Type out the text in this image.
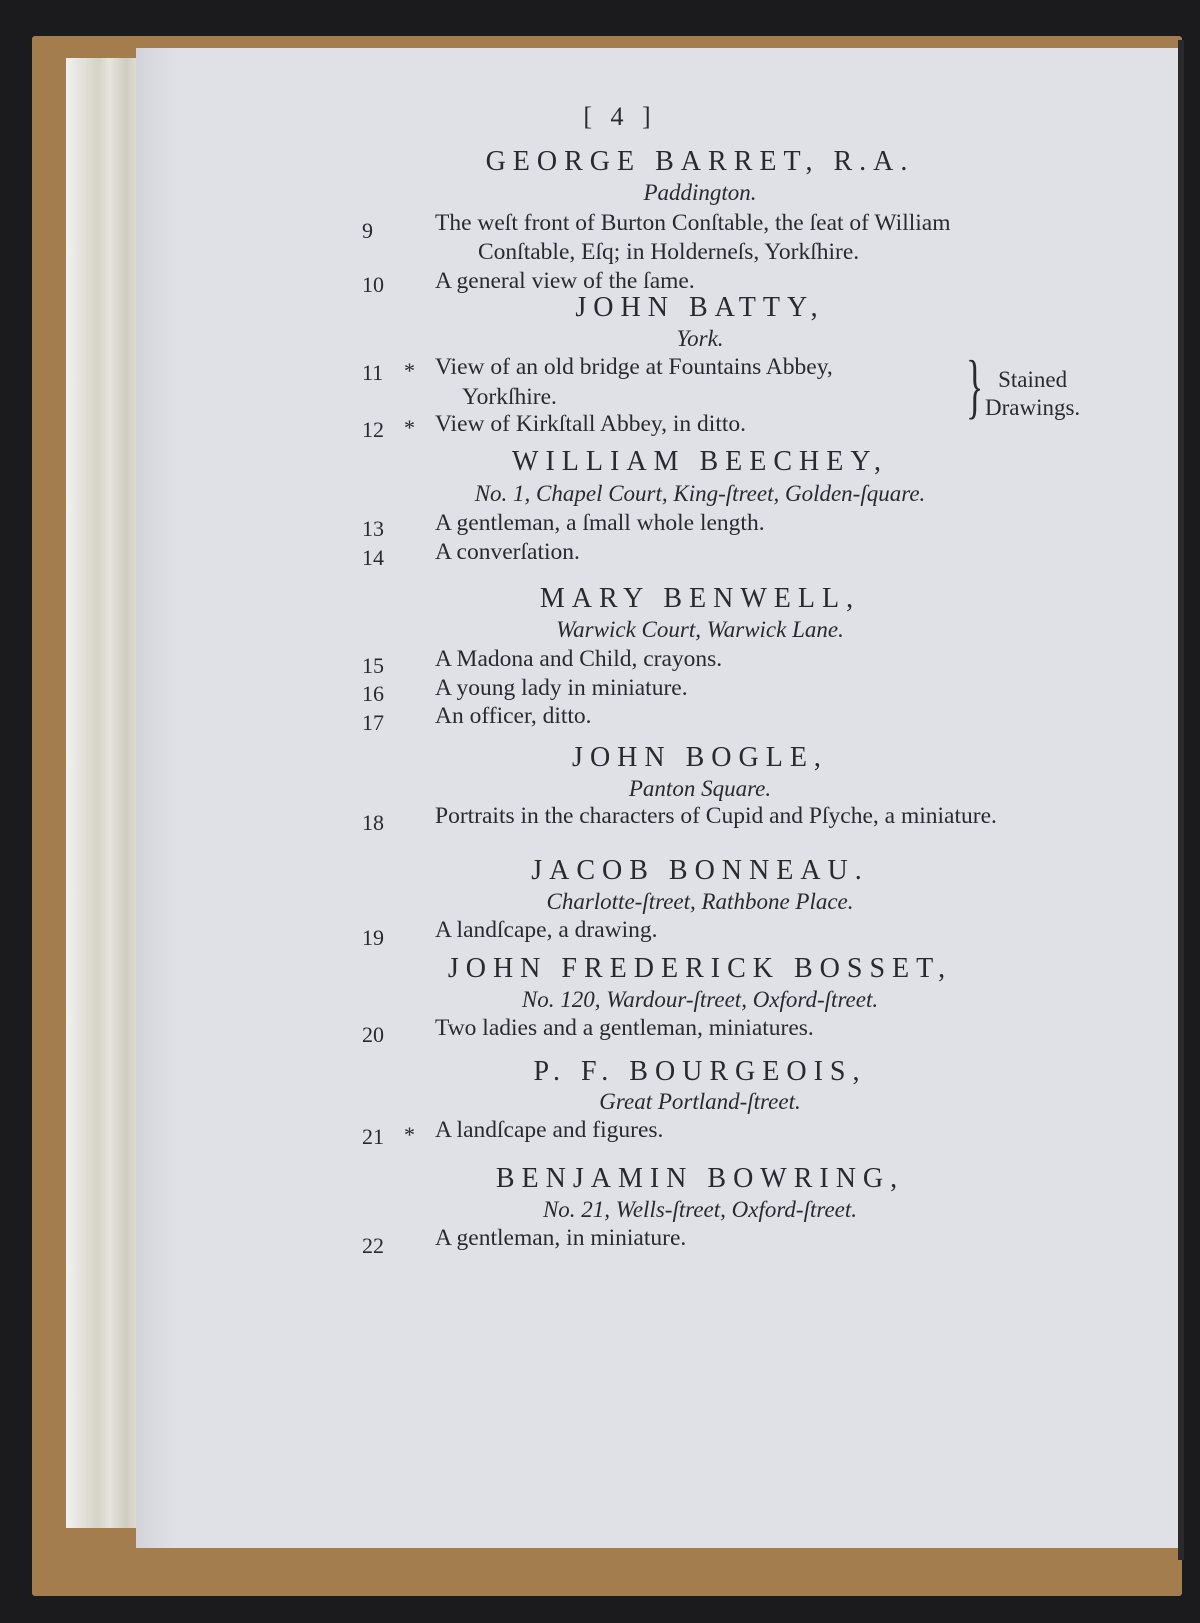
[ 4 ]
GEORGE BARRET, R.A.
Paddington.
9	The weſt front of Burton Conſtable, the ſeat of William
Conſtable, Eſq; in Holderneſs, Yorkſhire.
10	A general view of the ſame.
JOHN BATTY,
York.
11 * View of an old bridge at Fountains Abbey,
Yorkſhire.
12 * View of Kirkſtall Abbey, in ditto.	} Stained
Drawings.
WILLIAM BEECHEY,
No. 1, Chapel Court, King-ſtreet, Golden-ſquare.
13	A gentleman, a ſmall whole length.
14	A converſation.
MARY BENWELL,
Warwick Court, Warwick Lane.
15	A Madona and Child, crayons.
16	A young lady in miniature.
17	An officer, ditto.
JOHN BOGLE,
Panton Square.
18	Portraits in the characters of Cupid and Pſyche, a miniature.
JACOB BONNEAU.
Charlotte-ſtreet, Rathbone Place.
19	A landſcape, a drawing.
JOHN FREDERICK BOSSET,
No. 120, Wardour-ſtreet, Oxford-ſtreet.
20	Two ladies and a gentleman, miniatures.
P. F. BOURGEOIS,
Great Portland-ſtreet.
21 * A landſcape and figures.
BENJAMIN BOWRING,
No. 21, Wells-ſtreet, Oxford-ſtreet.
22	A gentleman, in miniature.
